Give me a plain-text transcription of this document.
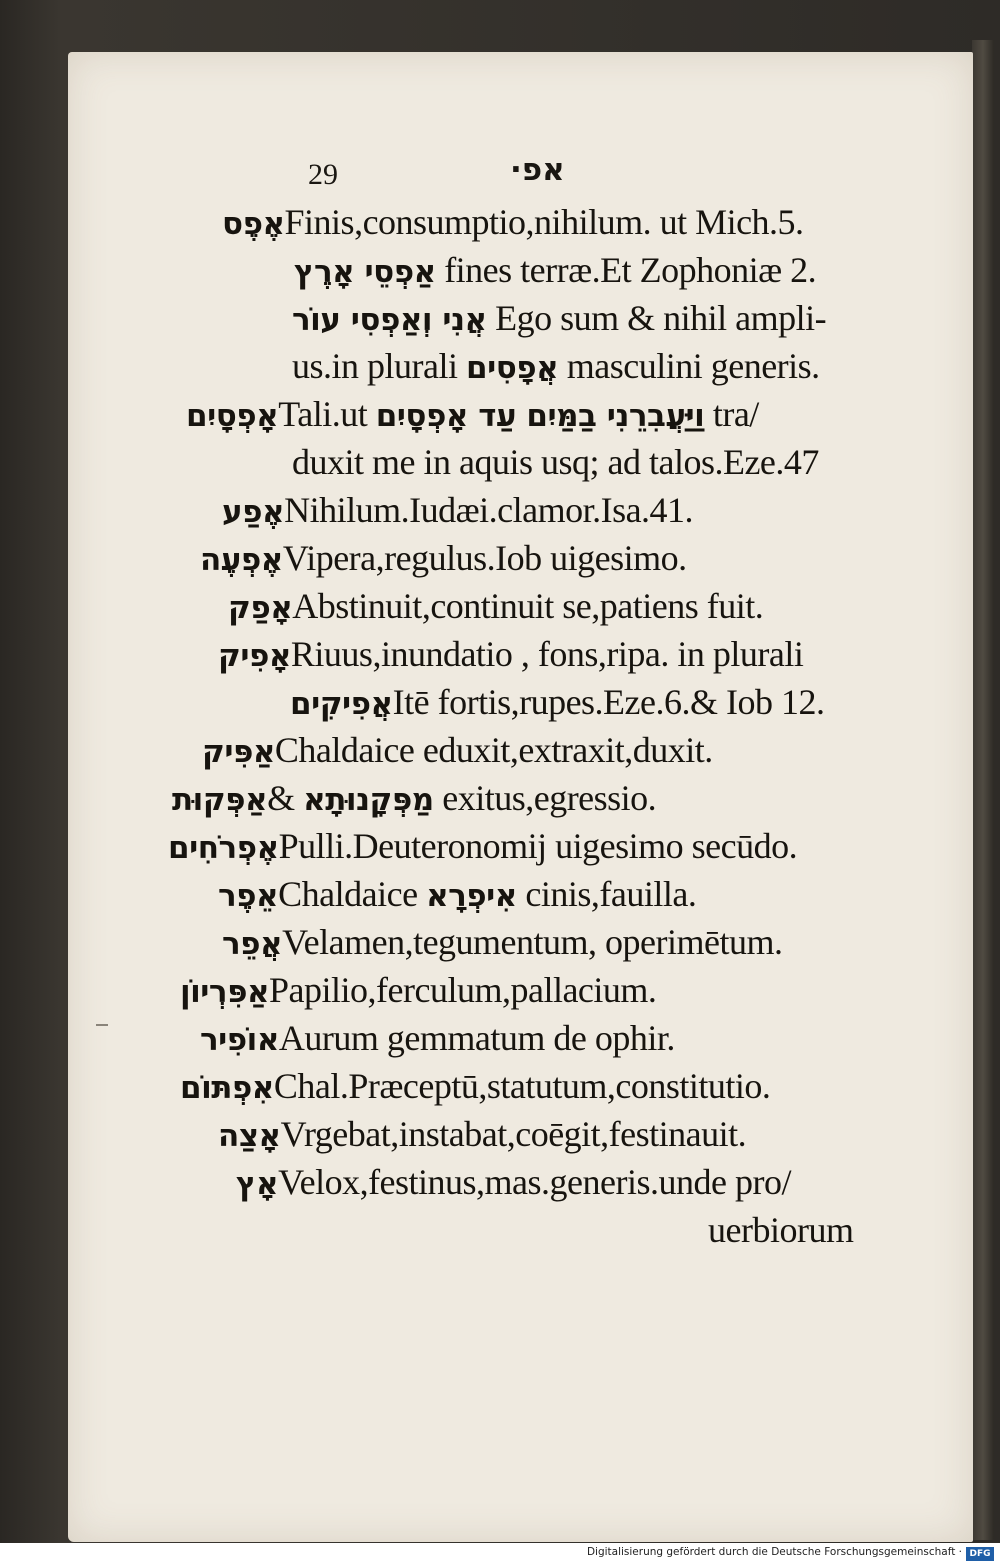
29	אפ·
אֶפֶסFinis,consumptio,nihilum. ut Mich.5.
אַפְסֵי אָרֶץ fines terræ.Et Zophoniæ 2.
אֲנִי וְאַפְסִי עוֹר Ego sum & nihil ampli-
us.in plurali אֲפָסִים masculini generis.
אָפְסָיִםTali.ut וַיַּעֲבִרֵנִי בַמַּיִם עַד אָפְסָיִם tra/
duxit me in aquis usq; ad talos.Eze.47
אֶפַעNihilum.Iudæi.clamor.Isa.41.
אֶפְעֶהVipera,regulus.Iob uigesimo.
אָפַקAbstinuit,continuit se,patiens fuit.
אָפִיקRiuus,inundatio , fons,ripa. in plurali
אֲפִיקִיםItē fortis,rupes.Eze.6.& Iob 12.
אַפִּיקChaldaice eduxit,extraxit,duxit.
אַפְּקוּת& מַפְּקָנוּתָא exitus,egressio.
אֶפְרֹחִיםPulli.Deuteronomij uigesimo secūdo.
אֵפֶרChaldaice אִיפְרָא cinis,fauilla.
אֲפֵרVelamen,tegumentum, operimētum.
אַפִּרְיוֹןPapilio,ferculum,pallacium.
אוֹפִירAurum gemmatum de ophir.
אִפְתּוֹםChal.Præceptū,statutum,constitutio.
אָצַהVrgebat,instabat,coēgit,festinauit.
אָץVelox,festinus,mas.generis.unde pro/
uerbiorum
Digitalisierung gefördert durch die Deutsche Forschungsgemeinschaft · DFG
